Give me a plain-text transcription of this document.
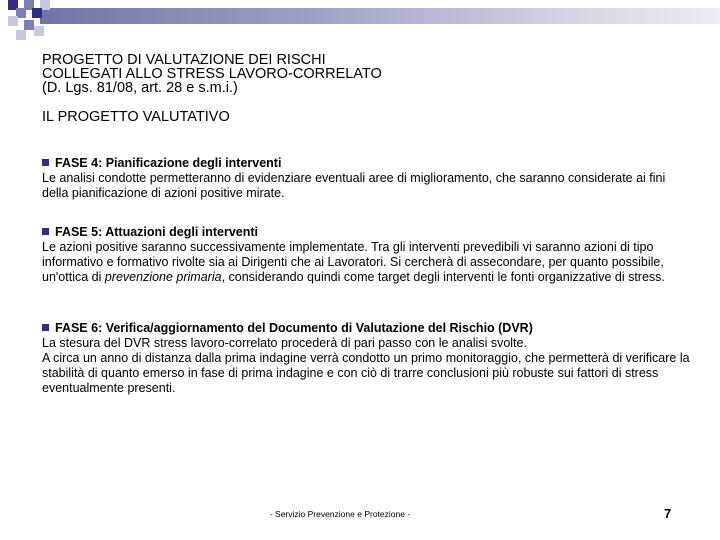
PROGETTO DI VALUTAZIONE DEI RISCHI
COLLEGATI ALLO STRESS LAVORO-CORRELATO
(D. Lgs. 81/08, art. 28 e s.m.i.)
IL PROGETTO VALUTATIVO
FASE 4: Pianificazione degli interventi
Le analisi condotte permetteranno di evidenziare eventuali aree di miglioramento, che saranno considerate ai fini della pianificazione di azioni positive mirate.
FASE 5: Attuazioni degli interventi
Le azioni positive saranno successivamente implementate. Tra gli interventi prevedibili vi saranno azioni di tipo informativo e formativo rivolte sia ai Dirigenti che ai Lavoratori. Si cercherà di assecondare, per quanto possibile, un'ottica di prevenzione primaria, considerando quindi come target degli interventi le fonti organizzative di stress.
FASE 6: Verifica/aggiornamento del Documento di Valutazione del Rischio (DVR)
La stesura del DVR stress lavoro-correlato procederà di pari passo con le analisi svolte.
A circa un anno di distanza dalla prima indagine verrà condotto un primo monitoraggio, che permetterà di verificare la stabilità di quanto emerso in fase di prima indagine e con ciò di trarre conclusioni più robuste sui fattori di stress eventualmente presenti.
- Servizio Prevenzione e Protezione -	7
